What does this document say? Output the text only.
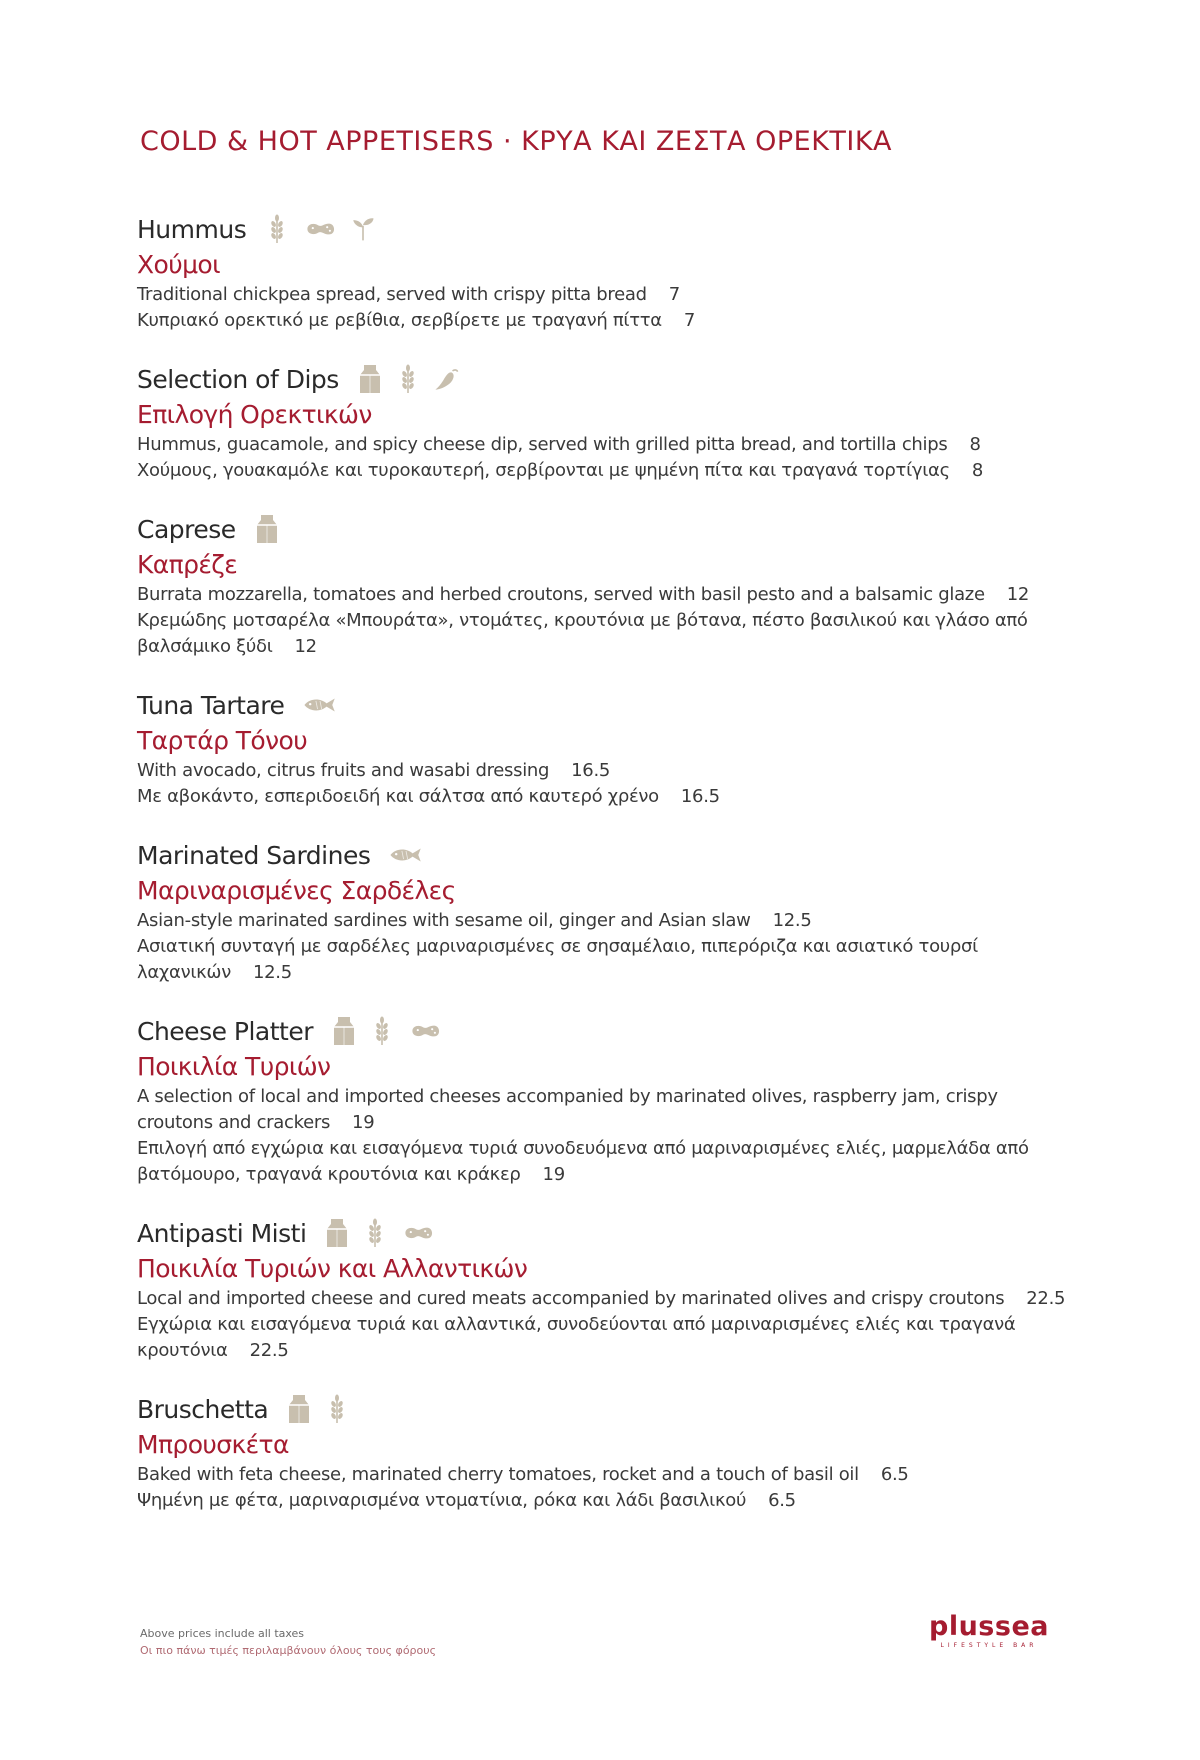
COLD & HOT APPETISERS · ΚΡΥΑ ΚΑΙ ΖΕΣΤΑ ΟΡΕΚΤΙΚΑ
Hummus
Χούμοι
Traditional chickpea spread, served with crispy pitta bread 7
Κυπριακό ορεκτικό με ρεβίθια, σερβίρετε με τραγανή πίττα 7
Selection of Dips
Επιλογή Ορεκτικών
Hummus, guacamole, and spicy cheese dip, served with grilled pitta bread, and tortilla chips 8
Χούμους, γουακαμόλε και τυροκαυτερή, σερβίρονται με ψημένη πίτα και τραγανά τορτίγιας 8
Caprese
Καπρέζε
Burrata mozzarella, tomatoes and herbed croutons, served with basil pesto and a balsamic glaze 12
Κρεμώδης μοτσαρέλα «Μπουράτα», ντομάτες, κρουτόνια με βότανα, πέστο βασιλικού και γλάσο από βαλσάμικο ξύδι 12
Tuna Tartare
Ταρτάρ Τόνου
With avocado, citrus fruits and wasabi dressing 16.5
Με αβοκάντο, εσπεριδοειδή και σάλτσα από καυτερό χρένο 16.5
Marinated Sardines
Μαριναρισμένες Σαρδέλες
Asian-style marinated sardines with sesame oil, ginger and Asian slaw 12.5
Ασιατική συνταγή με σαρδέλες μαριναρισμένες σε σησαμέλαιο, πιπερόριζα και ασιατικό τουρσί λαχανικών 12.5
Cheese Platter
Ποικιλία Τυριών
A selection of local and imported cheeses accompanied by marinated olives, raspberry jam, crispy croutons and crackers 19
Επιλογή από εγχώρια και εισαγόμενα τυριά συνοδευόμενα από μαριναρισμένες ελιές, μαρμελάδα από βατόμουρο, τραγανά κρουτόνια και κράκερ 19
Antipasti Misti
Ποικιλία Τυριών και Αλλαντικών
Local and imported cheese and cured meats accompanied by marinated olives and crispy croutons 22.5
Εγχώρια και εισαγόμενα τυριά και αλλαντικά, συνοδεύονται από μαριναρισμένες ελιές και τραγανά κρουτόνια 22.5
Bruschetta
Μπρουσκέτα
Baked with feta cheese, marinated cherry tomatoes, rocket and a touch of basil oil 6.5
Ψημένη με φέτα, μαριναρισμένα ντοματίνια, ρόκα και λάδι βασιλικού 6.5
Above prices include all taxes
Οι πιο πάνω τιμές περιλαμβάνουν όλους τους φόρους
plussea
LIFESTYLE BAR
